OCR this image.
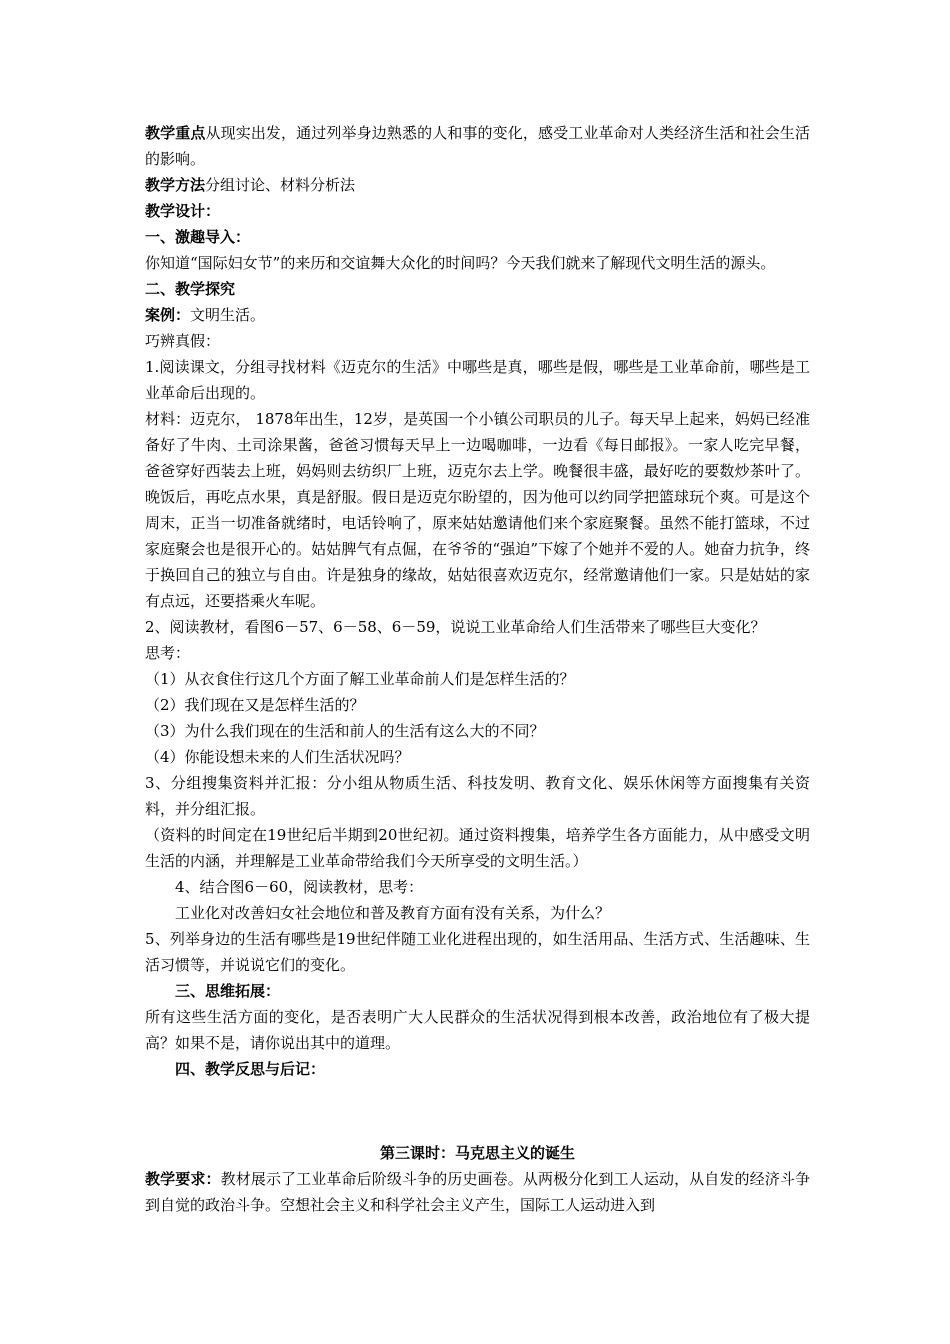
教学重点从现实出发，通过列举身边熟悉的人和事的变化，感受工业革命对人类经济生活和社会生活的影响。

教学方法分组讨论、材料分析法

教学设计：

一、激趣导入：

你知道“国际妇女节”的来历和交谊舞大众化的时间吗？今天我们就来了解现代文明生活的源头。

二、教学探究

案例：文明生活。

巧辨真假：

1.阅读课文，分组寻找材料《迈克尔的生活》中哪些是真，哪些是假，哪些是工业革命前，哪些是工业革命后出现的。

材料：迈克尔， 1878年出生，12岁，是英国一个小镇公司职员的儿子。每天早上起来，妈妈已经准备好了牛肉、土司涂果酱，爸爸习惯每天早上一边喝咖啡，一边看《每日邮报》。一家人吃完早餐，爸爸穿好西装去上班，妈妈则去纺织厂上班，迈克尔去上学。晚餐很丰盛，最好吃的要数炒茶叶了。晚饭后，再吃点水果，真是舒服。假日是迈克尔盼望的，因为他可以约同学把篮球玩个爽。可是这个周末，正当一切准备就绪时，电话铃响了，原来姑姑邀请他们来个家庭聚餐。虽然不能打篮球，不过家庭聚会也是很开心的。姑姑脾气有点倔，在爷爷的“强迫”下嫁了个她并不爱的人。她奋力抗争，终于换回自己的独立与自由。许是独身的缘故，姑姑很喜欢迈克尔，经常邀请他们一家。只是姑姑的家有点远，还要搭乘火车呢。

2、阅读教材，看图6－57、6－58、6－59，说说工业革命给人们生活带来了哪些巨大变化？

思考：

（1）从衣食住行这几个方面了解工业革命前人们是怎样生活的？

（2）我们现在又是怎样生活的？

（3）为什么我们现在的生活和前人的生活有这么大的不同？

（4）你能设想未来的人们生活状况吗？

3、分组搜集资料并汇报：分小组从物质生活、科技发明、教育文化、娱乐休闲等方面搜集有关资料，并分组汇报。

（资料的时间定在19世纪后半期到20世纪初。通过资料搜集，培养学生各方面能力，从中感受文明生活的内涵，并理解是工业革命带给我们今天所享受的文明生活。）

4、结合图6－60，阅读教材，思考：

工业化对改善妇女社会地位和普及教育方面有没有关系，为什么？

5、列举身边的生活有哪些是19世纪伴随工业化进程出现的，如生活用品、生活方式、生活趣味、生活习惯等，并说说它们的变化。

三、思维拓展：

所有这些生活方面的变化，是否表明广大人民群众的生活状况得到根本改善，政治地位有了极大提高？如果不是，请你说出其中的道理。

四、教学反思与后记：

第三课时：马克思主义的诞生

教学要求：教材展示了工业革命后阶级斗争的历史画卷。从两极分化到工人运动，从自发的经济斗争到自觉的政治斗争。空想社会主义和科学社会主义产生，国际工人运动进入到
